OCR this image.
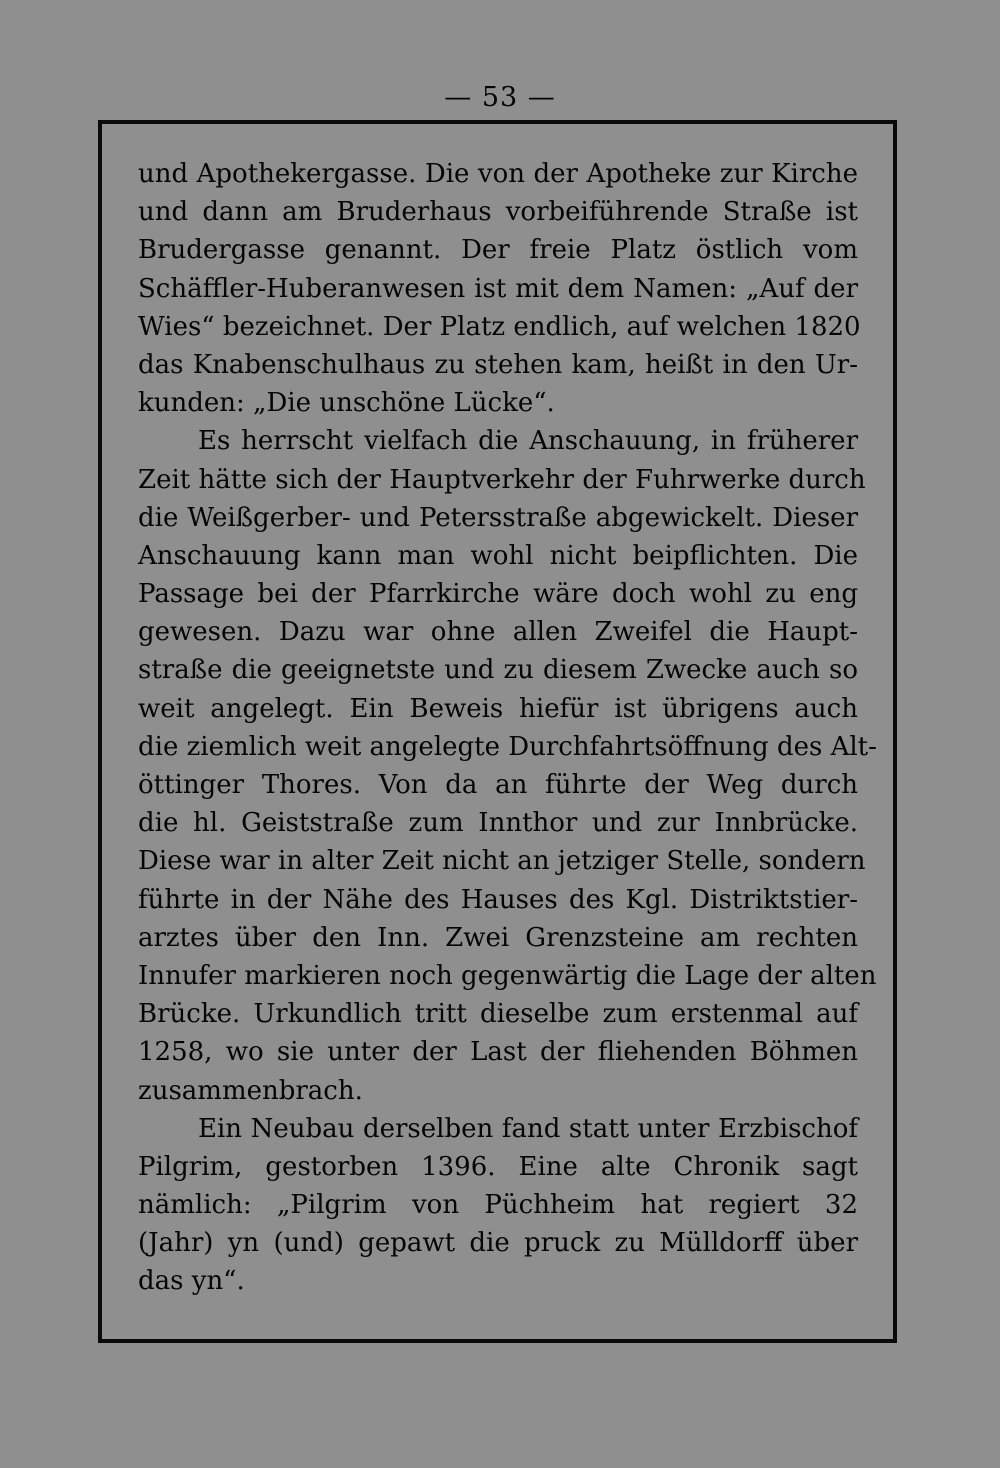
— 53 —
und Apothekergasse. Die von der Apotheke zur Kirche
und dann am Bruderhaus vorbeiführende Straße ist
Brudergasse genannt. Der freie Platz östlich vom
Schäffler-Huberanwesen ist mit dem Namen: „Auf der
Wies“ bezeichnet. Der Platz endlich, auf welchen 1820
das Knabenschulhaus zu stehen kam, heißt in den Ur-
kunden: „Die unschöne Lücke“.
Es herrscht vielfach die Anschauung, in früherer
Zeit hätte sich der Hauptverkehr der Fuhrwerke durch
die Weißgerber- und Petersstraße abgewickelt. Dieser
Anschauung kann man wohl nicht beipflichten. Die
Passage bei der Pfarrkirche wäre doch wohl zu eng
gewesen. Dazu war ohne allen Zweifel die Haupt-
straße die geeignetste und zu diesem Zwecke auch so
weit angelegt. Ein Beweis hiefür ist übrigens auch
die ziemlich weit angelegte Durchfahrtsöffnung des Alt-
öttinger Thores. Von da an führte der Weg durch
die hl. Geiststraße zum Innthor und zur Innbrücke.
Diese war in alter Zeit nicht an jetziger Stelle, sondern
führte in der Nähe des Hauses des Kgl. Distriktstier-
arztes über den Inn. Zwei Grenzsteine am rechten
Innufer markieren noch gegenwärtig die Lage der alten
Brücke. Urkundlich tritt dieselbe zum erstenmal auf
1258, wo sie unter der Last der fliehenden Böhmen
zusammenbrach.
Ein Neubau derselben fand statt unter Erzbischof
Pilgrim, gestorben 1396. Eine alte Chronik sagt
nämlich: „Pilgrim von Püchheim hat regiert 32
(Jahr) yn (und) gepawt die pruck zu Mülldorff über
das yn“.
